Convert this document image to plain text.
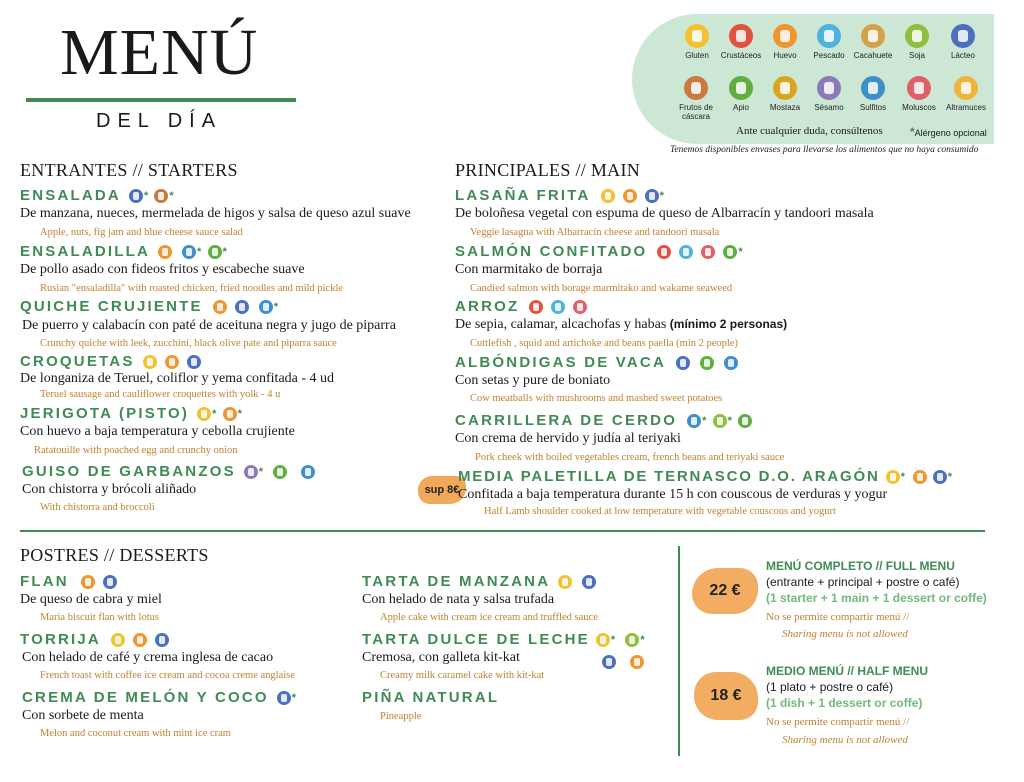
MENÚ
DEL DÍA
Gluten	Crustáceos	Huevo	Pescado	Cacahuete	Soja	Lácteo
Frutos de cáscara
Apio	Mostaza	Sésamo	Sulfitos	Moluscos	Altramuces
Ante cualquier duda, consúltenos *Alérgeno opcional
Tenemos disponibles envases para llevarse los alimentos que no haya consumido
ENTRANTES // STARTERS
ENSALADA * *
De manzana, nueces, mermelada de higos y salsa de queso azul suave
Apple, nuts, fig jam and blue cheese sauce salad
ENSALADILLA	* *
De pollo asado con fideos fritos y escabeche suave
Rusian "ensaladilla" with roasted chicken, fried noodles and mild pickle
QUICHE CRUJIENTE	*
De puerro y calabacín con paté de aceituna negra y jugo de piparra
Crunchy quiche with leek, zucchini, black olive pate and piparra sauce
CROQUETAS
De longaniza de Teruel, coliflor y yema confitada - 4 ud
Teruel sausage and cauliflower croquettes with yolk - 4 u
JERIGOTA (PISTO) * *
Con huevo a baja temperatura y cebolla crujiente
Ratatouille with poached egg and crunchy onion
GUISO DE GARBANZOS *
Con chistorra y brócoli aliñado
With chistorra and broccoli
PRINCIPALES // MAIN
LASAÑA FRITA	*
De boloñesa vegetal con espuma de queso de Albarracín y tandoori masala
Veggie lasagna with Albarracín cheese and tandoori masala
SALMÓN CONFITADO	*
Con marmitako de borraja
Candied salmon with borage marmitako and wakame seaweed
ARROZ
De sepia, calamar, alcachofas y habas (mínimo 2 personas)
Cuttlefish , squid and artichoke and beans paella (min 2 people)
ALBÓNDIGAS DE VACA
Con setas y pure de boniato
Cow meatballs with mushrooms and mashed sweet potatoes
CARRILLERA DE CERDO * *
Con crema de hervido y judía al teriyaki
Pork cheek with boiled vegetables cream, french beans and teriyaki sauce
sup 8€
MEDIA PALETILLA DE TERNASCO D.O. ARAGÓN *	*
Confitada a baja temperatura durante 15 h con couscous de verduras y yogur
Half Lamb shoulder cooked at low temperature with vegetable couscous and yogurt
POSTRES // DESSERTS
FLAN
De queso de cabra y miel
Maria biscuit flan with lotus
TORRIJA
Con helado de café y crema inglesa de cacao
French toast with coffee ice cream and cocoa creme anglaise
CREMA DE MELÓN Y COCO *
Con sorbete de menta
Melon and coconut cream with mint ice cram
TARTA DE MANZANA
Con helado de nata y salsa trufada
Apple cake with cream ice cream and truffled sauce
TARTA DULCE DE LECHE * *

Cremosa, con galleta kit-kat
Creamy milk caramel cake with kit-kat
PIÑA NATURAL
Pineapple
22 €
MENÚ COMPLETO // FULL MENU
(entrante + principal + postre o café)
(1 starter + 1 main + 1 dessert or coffe)
No se permite compartir menú //
Sharing menu is not allowed
18 €
MEDIO MENÚ // HALF MENU
(1 plato + postre o café)
(1 dish + 1 dessert or coffe)
No se permite compartir menú //
Sharing menu is not allowed
